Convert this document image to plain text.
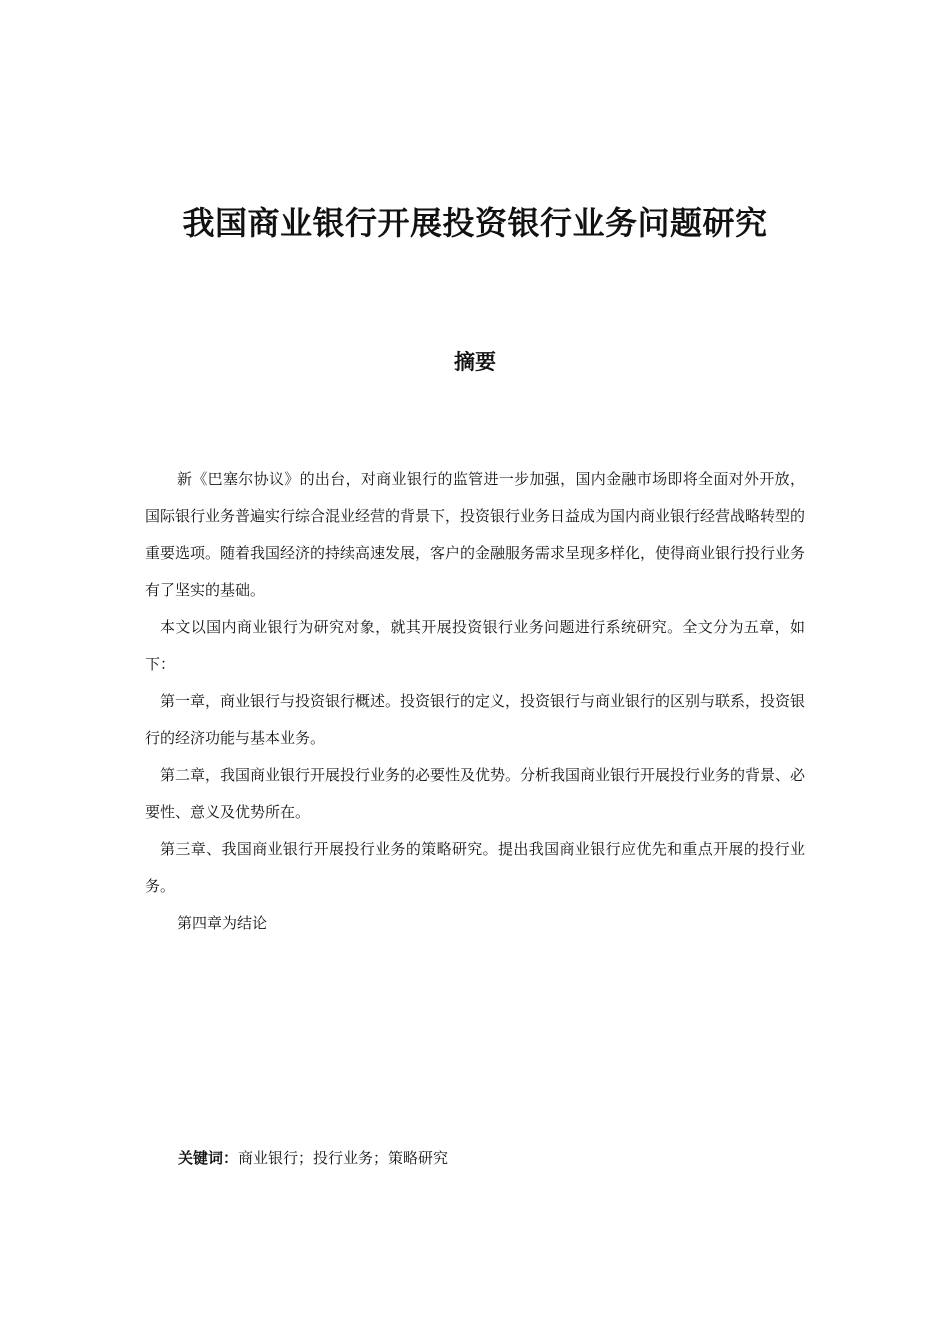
我国商业银行开展投资银行业务问题研究
摘要

新《巴塞尔协议》的出台，对商业银行的监管进一步加强，国内金融市场即将全面对外开放，国际银行业务普遍实行综合混业经营的背景下，投资银行业务日益成为国内商业银行经营战略转型的重要选项。随着我国经济的持续高速发展，客户的金融服务需求呈现多样化，使得商业银行投行业务有了坚实的基础。

本文以国内商业银行为研究对象，就其开展投资银行业务问题进行系统研究。全文分为五章，如下：

第一章，商业银行与投资银行概述。投资银行的定义，投资银行与商业银行的区别与联系，投资银行的经济功能与基本业务。

第二章，我国商业银行开展投行业务的必要性及优势。分析我国商业银行开展投行业务的背景、必要性、意义及优势所在。

第三章、我国商业银行开展投行业务的策略研究。提出我国商业银行应优先和重点开展的投行业务。

第四章为结论

关键词：商业银行；投行业务；策略研究
